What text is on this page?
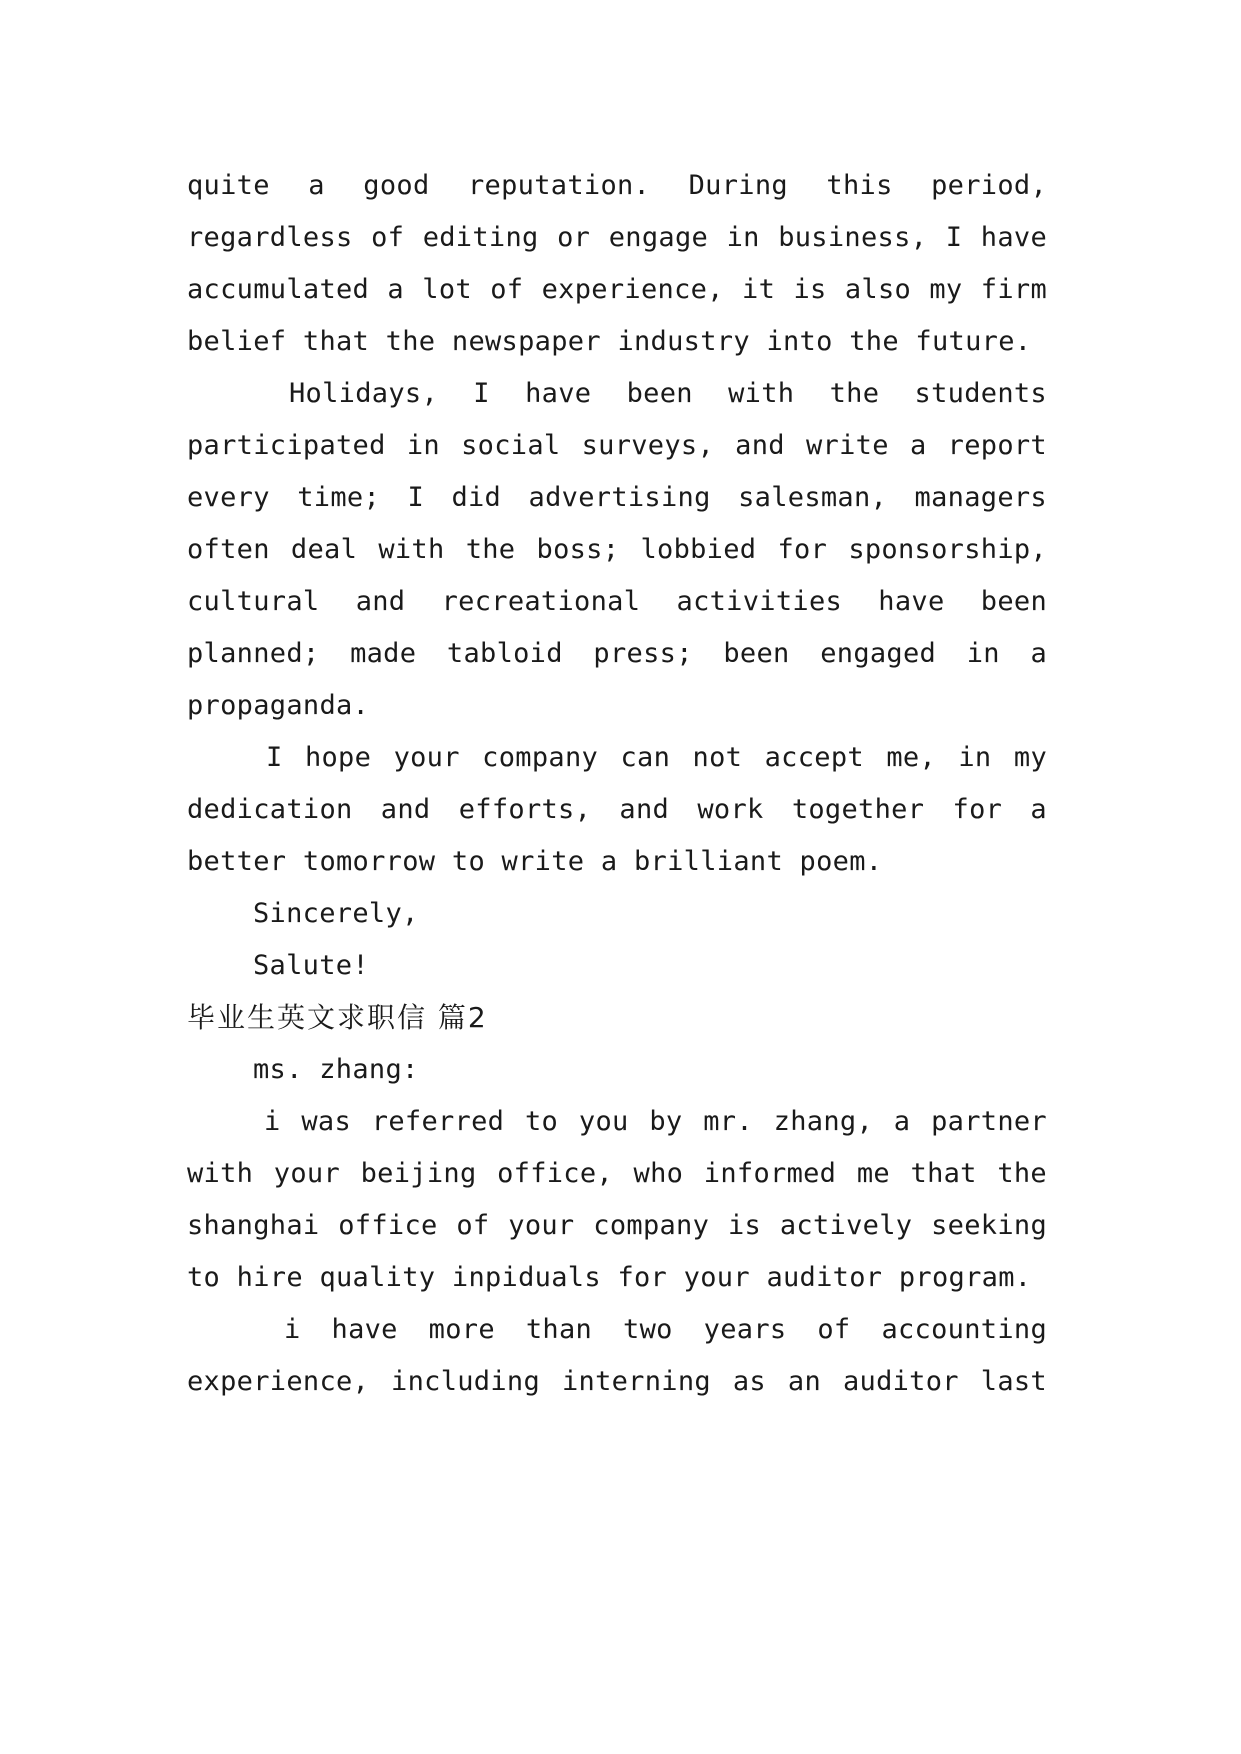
quite a good reputation. During this period,
regardless of editing or engage in business, I have
accumulated a lot of experience, it is also my firm
belief that the newspaper industry into the future.
Holidays, I have been with the students
participated in social surveys, and write a report
every time; I did advertising salesman, managers
often deal with the boss; lobbied for sponsorship,
cultural and recreational activities have been
planned; made tabloid press; been engaged in a
propaganda.
I hope your company can not accept me, in my
dedication and efforts, and work together for a
better tomorrow to write a brilliant poem.
Sincerely,
Salute!
毕业生英文求职信 篇2
ms. zhang:
i was referred to you by mr. zhang, a partner
with your beijing office, who informed me that the
shanghai office of your company is actively seeking
to hire quality inpiduals for your auditor program.
i have more than two years of accounting
experience, including interning as an auditor last
